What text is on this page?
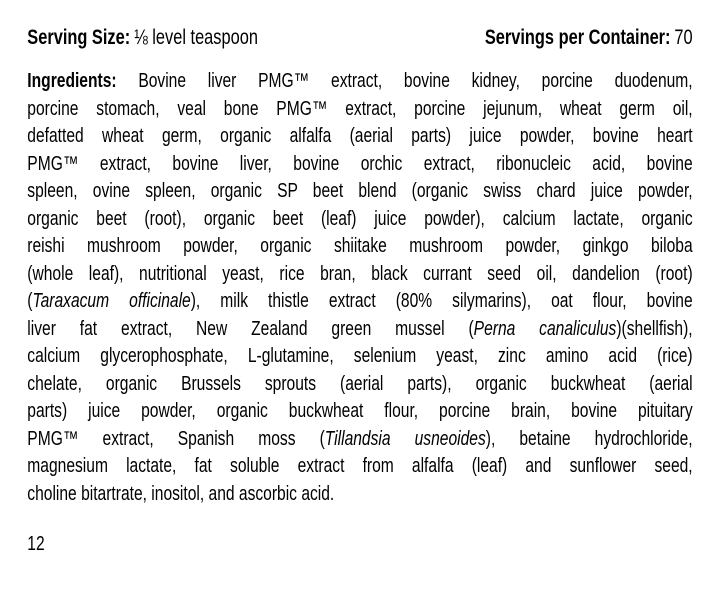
Serving Size: ⅛ level teaspoon	Servings per Container: 70
Ingredients: Bovine liver PMG™ extract, bovine kidney, porcine duodenum,
porcine stomach, veal bone PMG™ extract, porcine jejunum, wheat germ oil,
defatted wheat germ, organic alfalfa (aerial parts) juice powder, bovine heart
PMG™ extract, bovine liver, bovine orchic extract, ribonucleic acid, bovine
spleen, ovine spleen, organic SP beet blend (organic swiss chard juice powder,
organic beet (root), organic beet (leaf) juice powder), calcium lactate, organic
reishi mushroom powder, organic shiitake mushroom powder, ginkgo biloba
(whole leaf), nutritional yeast, rice bran, black currant seed oil, dandelion (root)
(Taraxacum officinale), milk thistle extract (80% silymarins), oat flour, bovine
liver fat extract, New Zealand green mussel (Perna canaliculus)(shellfish),
calcium glycerophosphate, L-glutamine, selenium yeast, zinc amino acid (rice)
chelate, organic Brussels sprouts (aerial parts), organic buckwheat (aerial
parts) juice powder, organic buckwheat flour, porcine brain, bovine pituitary
PMG™ extract, Spanish moss (Tillandsia usneoides), betaine hydrochloride,
magnesium lactate, fat soluble extract from alfalfa (leaf) and sunflower seed,
choline bitartrate, inositol, and ascorbic acid.
12
